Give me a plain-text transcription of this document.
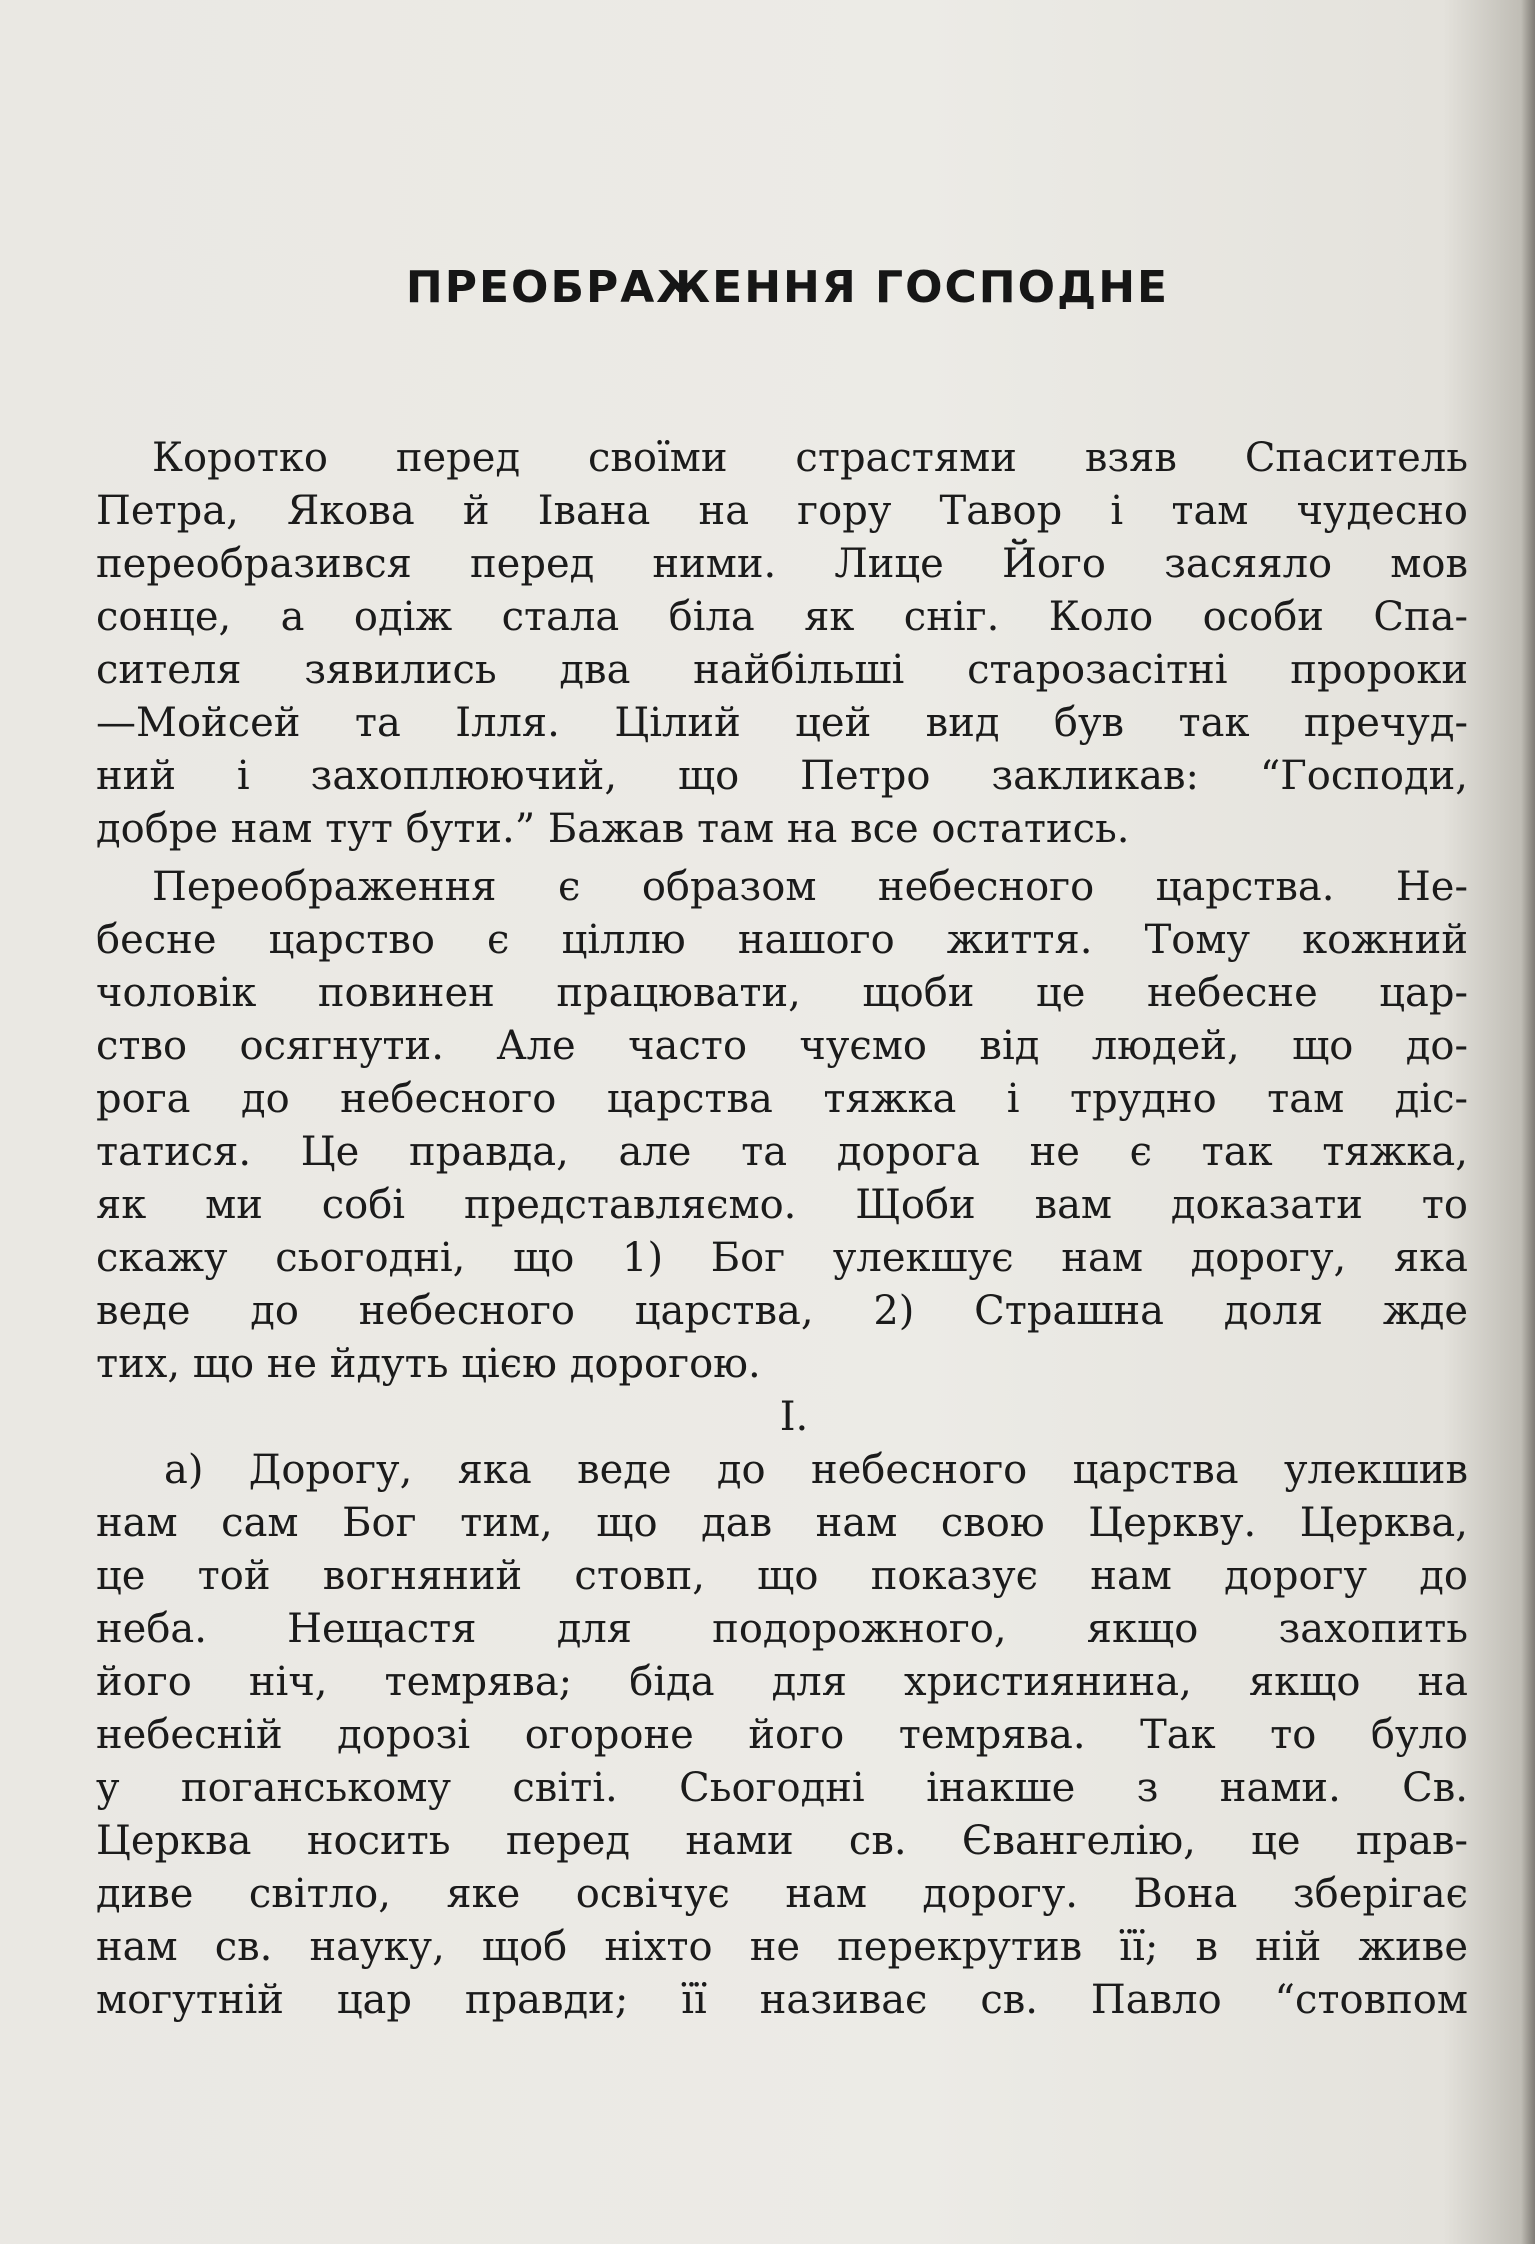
ПРЕОБРАЖЕННЯ ГОСПОДНЕ
Коротко перед своїми страстями взяв Спаситель
Петра, Якова й Івана на гору Тавор і там чудесно
переобразився перед ними. Лице Його засяяло мов
сонце, а одіж стала біла як сніг. Коло особи Спа-
сителя зявились два найбільші старозасітні пророки
—Мойсей та Ілля. Цілий цей вид був так пречуд-
ний і захоплюючий, що Петро закликав: “Господи,
добре нам тут бути.” Бажав там на все остатись.
Переображення є образом небесного царства. Не-
бесне царство є ціллю нашого життя. Тому кожний
чоловік повинен працювати, щоби це небесне цар-
ство осягнути. Але часто чуємо від людей, що до-
рога до небесного царства тяжка і трудно там діс-
татися. Це правда, але та дорога не є так тяжка,
як ми собі представляємо. Щоби вам доказати то
скажу сьогодні, що 1) Бог улекшує нам дорогу, яка
веде до небесного царства, 2) Страшна доля жде
тих, що не йдуть цією дорогою.
I.
а) Дорогу, яка веде до небесного царства улекшив
нам сам Бог тим, що дав нам свою Церкву. Церква,
це той вогняний стовп, що показує нам дорогу до
неба. Нещастя для подорожного, якщо захопить
його ніч, темрява; біда для християнина, якщо на
небесній дорозі огороне його темрява. Так то було
у поганському світі. Сьогодні інакше з нами. Св.
Церква носить перед нами св. Євангелію, це прав-
диве світло, яке освічує нам дорогу. Вона зберігає
нам св. науку, щоб ніхто не перекрутив її; в ній живе
могутній цар правди; її називає св. Павло “стовпом
